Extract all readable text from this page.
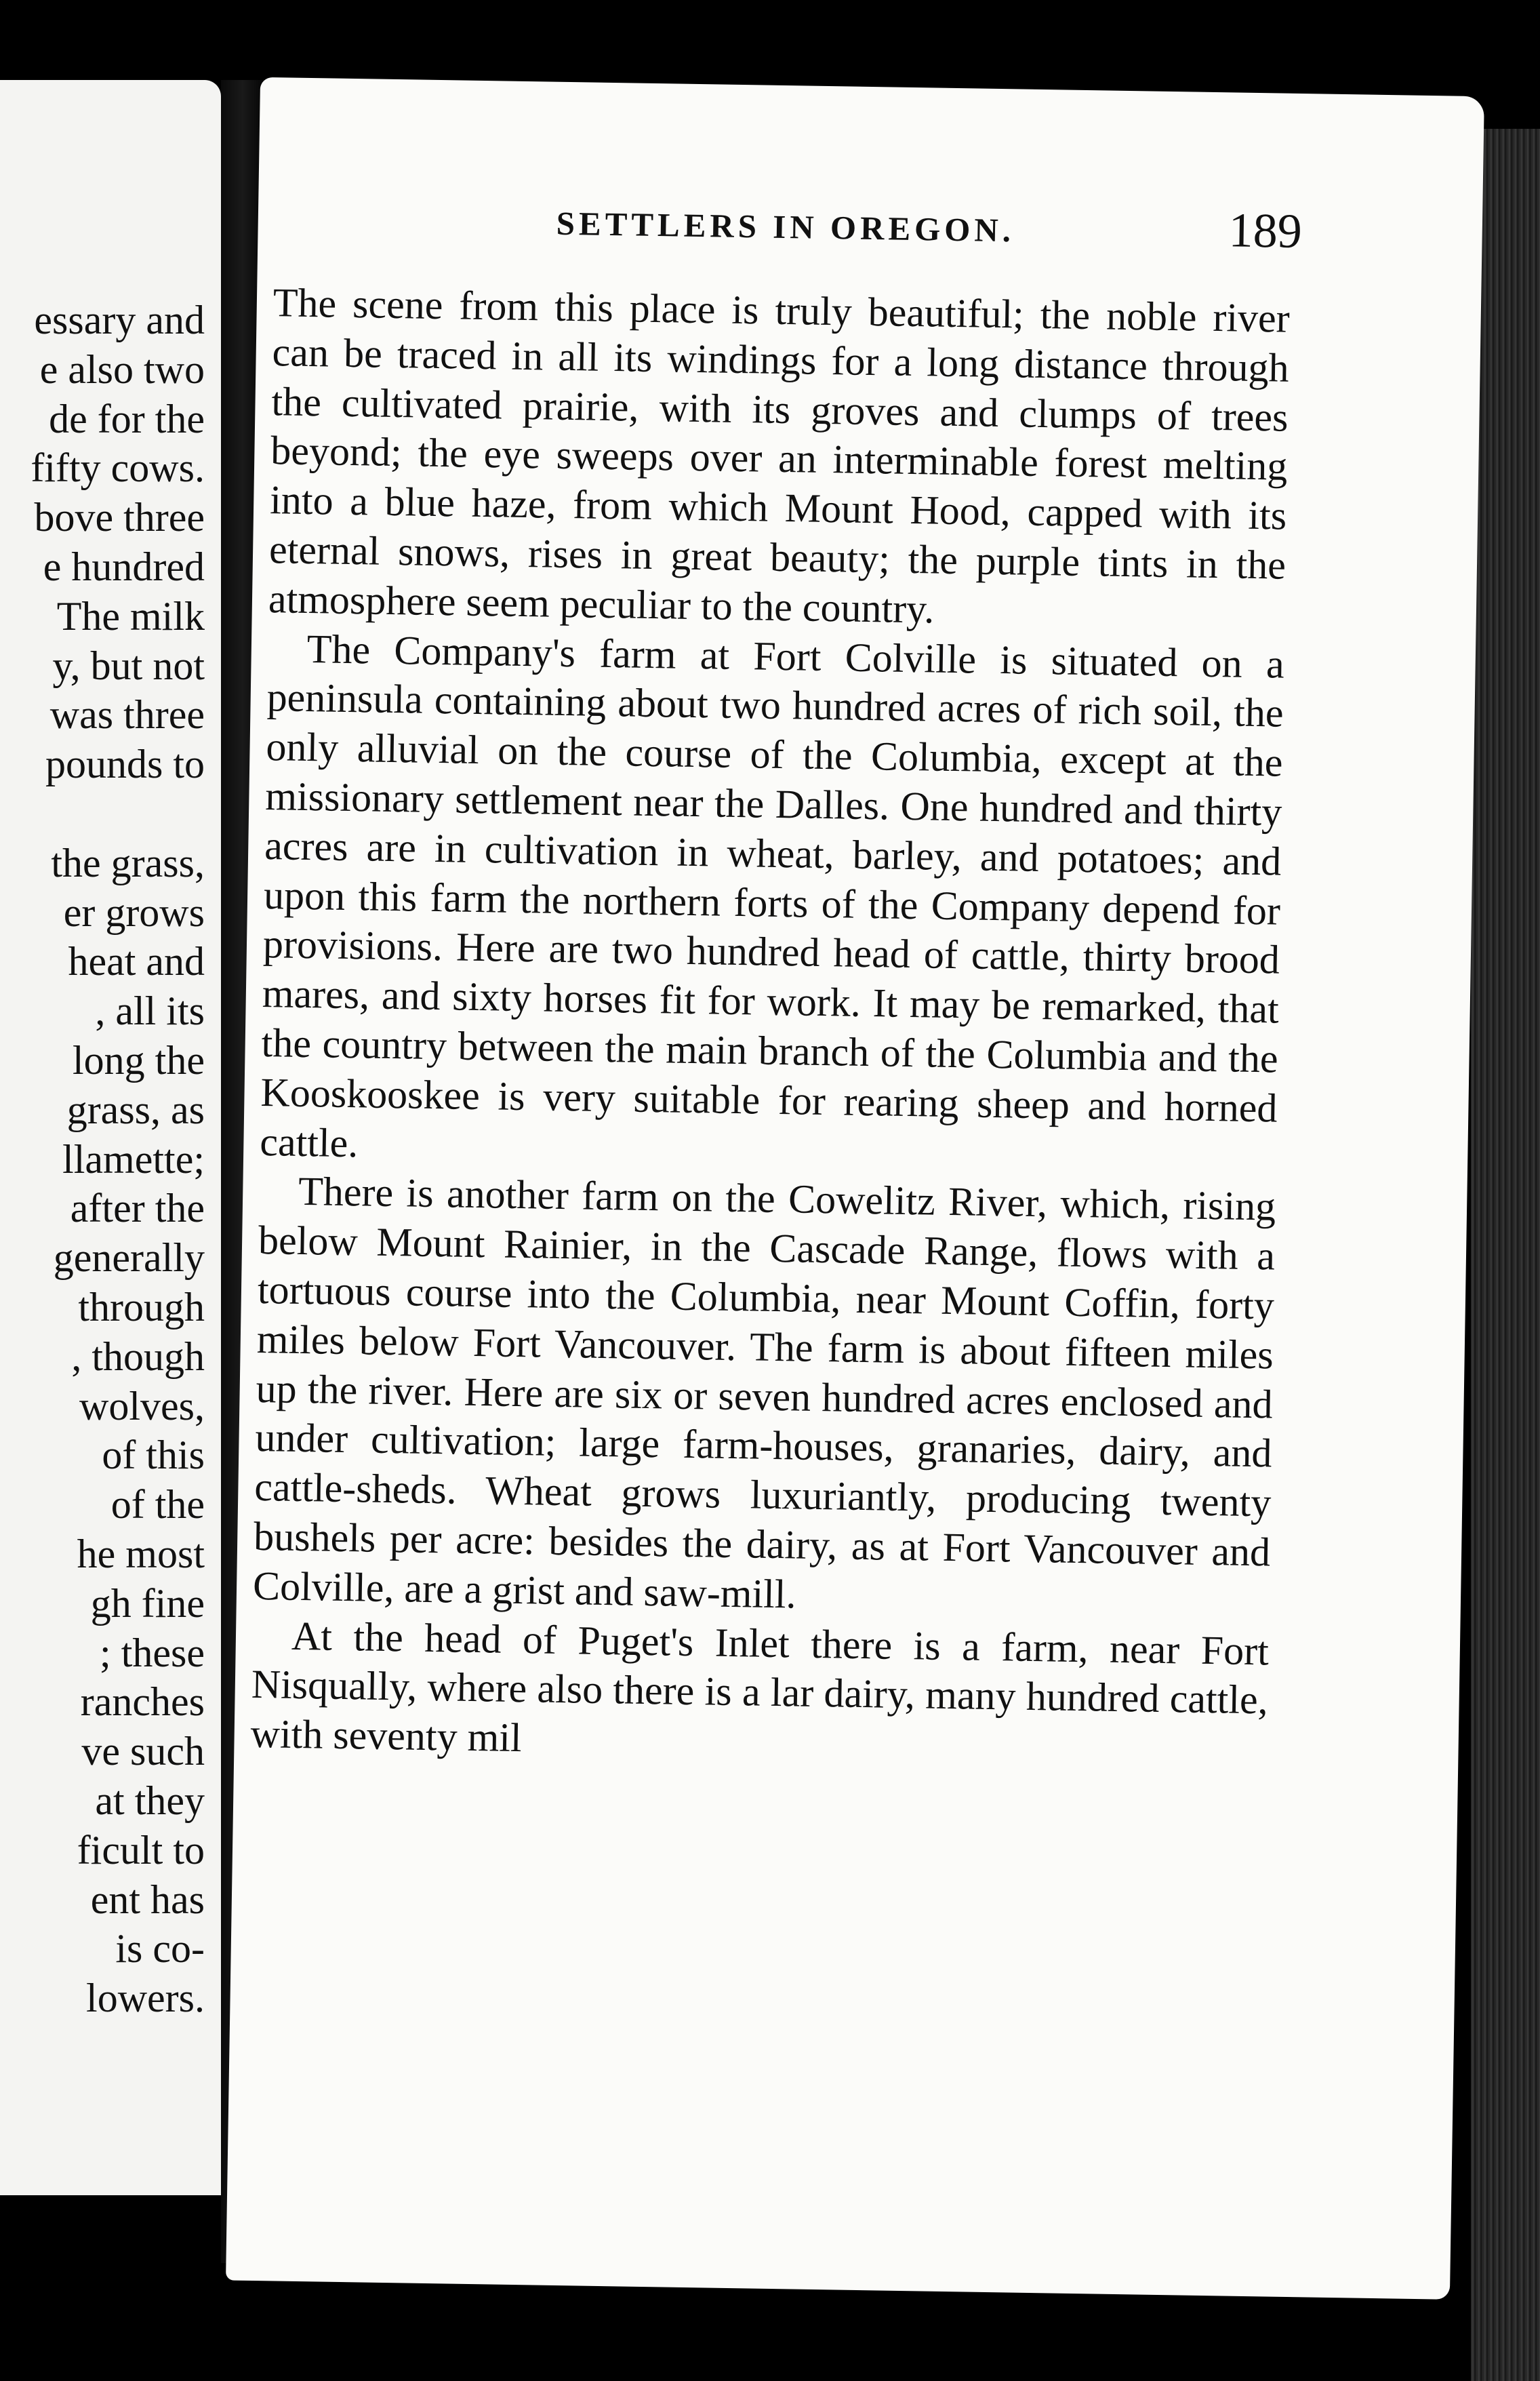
essary and
e also two
de for the
fifty cows.
bove three
e hundred
The milk
y, but not
was three
pounds to

the grass,
er grows
heat and
, all its
long the
grass, as
llamette;
after the
generally
through
, though
wolves,
of this
of the
he most
gh fine
; these
ranches
ve such
at they
ficult to
ent has
is co-
lowers.
SETTLERS IN OREGON.	189

The scene from this place is truly beautiful; the noble river can be traced in all its windings for a long distance through the cultivated prairie, with its groves and clumps of trees beyond; the eye sweeps over an interminable forest melting into a blue haze, from which Mount Hood, capped with its eternal snows, rises in great beauty; the purple tints in the atmosphere seem peculiar to the country.

The Company's farm at Fort Colville is situated on a peninsula containing about two hundred acres of rich soil, the only alluvial on the course of the Columbia, except at the missionary settlement near the Dalles. One hundred and thirty acres are in cultivation in wheat, barley, and potatoes; and upon this farm the northern forts of the Company depend for provisions. Here are two hundred head of cattle, thirty brood mares, and sixty horses fit for work. It may be remarked, that the country between the main branch of the Columbia and the Kooskooskee is very suitable for rearing sheep and horned cattle.

There is another farm on the Cowelitz River, which, rising below Mount Rainier, in the Cascade Range, flows with a tortuous course into the Columbia, near Mount Coffin, forty miles below Fort Vancouver. The farm is about fifteen miles up the river. Here are six or seven hundred acres enclosed and under cultivation; large farm-houses, granaries, dairy, and cattle-sheds. Wheat grows luxuriantly, producing twenty bushels per acre: besides the dairy, as at Fort Vancouver and Colville, are a grist and saw-mill.

At the head of Puget's Inlet there is a farm, near Fort Nisqually, where also there is a lar dairy, many hundred cattle, with seventy mil
